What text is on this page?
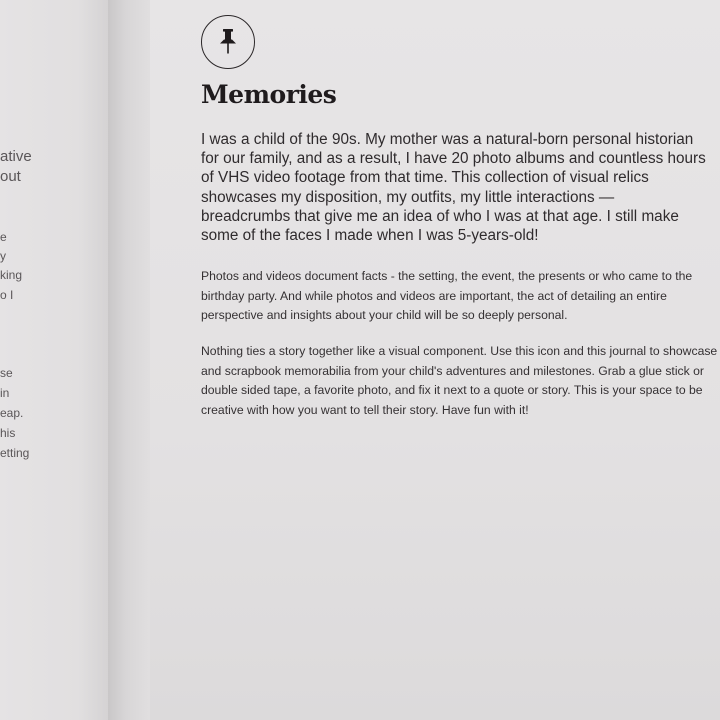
ative
out
e
y
king
o I
se
in
eap.
his
etting
Memories

I was a child of the 90s. My mother was a natural-born personal historian for our family, and as a result, I have 20 photo albums and countless hours of VHS video footage from that time. This collection of visual relics showcases my disposition, my outfits, my little interactions — breadcrumbs that give me an idea of who I was at that age. I still make some of the faces I made when I was 5-years-old!

Photos and videos document facts - the setting, the event, the presents or who came to the birthday party. And while photos and videos are important, the act of detailing an entire perspective and insights about your child will be so deeply personal.

Nothing ties a story together like a visual component. Use this icon and this journal to showcase and scrapbook memorabilia from your child's adventures and milestones. Grab a glue stick or double sided tape, a favorite photo, and fix it next to a quote or story. This is your space to be creative with how you want to tell their story. Have fun with it!
